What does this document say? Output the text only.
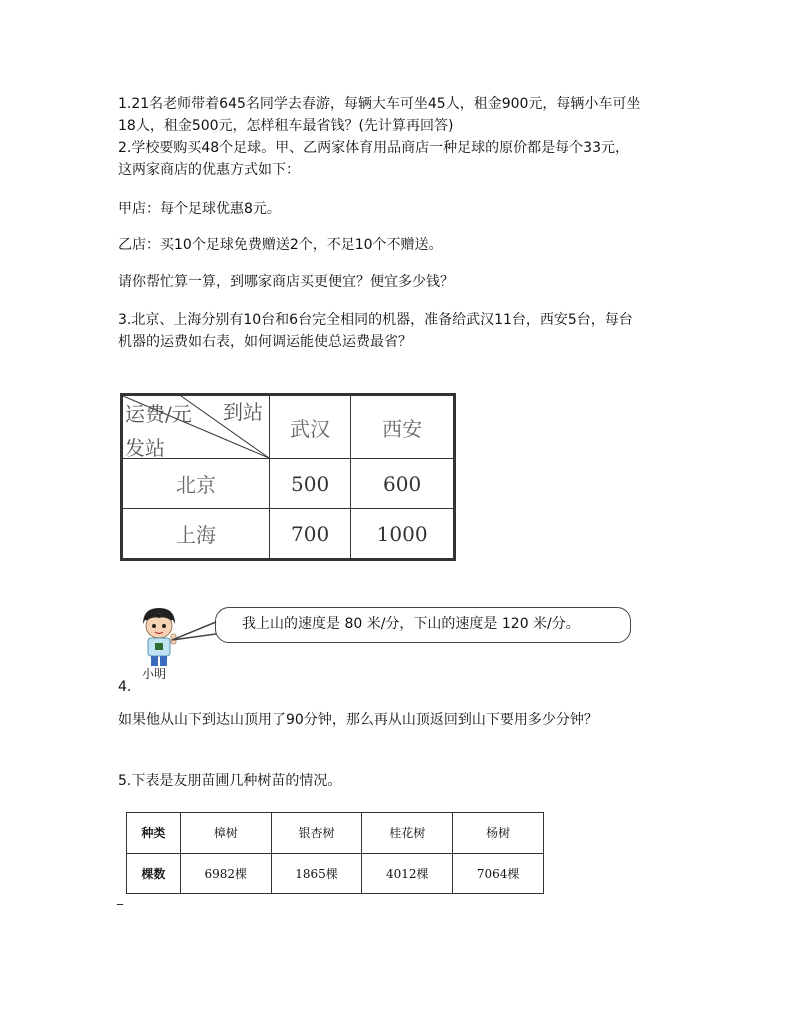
1.21名老师带着645名同学去春游，每辆大车可坐45人，租金900元，每辆小车可坐
18人，租金500元，怎样租车最省钱？(先计算再回答)
2.学校要购买48个足球。甲、乙两家体育用品商店一种足球的原价都是每个33元，
这两家商店的优惠方式如下：
甲店：每个足球优惠8元。
乙店：买10个足球免费赠送2个，不足10个不赠送。
请你帮忙算一算，到哪家商店买更便宜？便宜多少钱？
3.北京、上海分别有10台和6台完全相同的机器，准备给武汉11台，西安5台，每台
机器的运费如右表，如何调运能使总运费最省？
运费/元 到站
发站	武汉	西安
北京	500	600
上海	700	1000
小明
我上山的速度是 80 米/分，下山的速度是 120 米/分。
4.
如果他从山下到达山顶用了90分钟，那么再从山顶返回到山下要用多少分钟？
5.下表是友朋苗圃几种树苗的情况。
种类	樟树	银杏树	桂花树	杨树
棵数	6982棵	1865棵	4012棵	7064棵
_
